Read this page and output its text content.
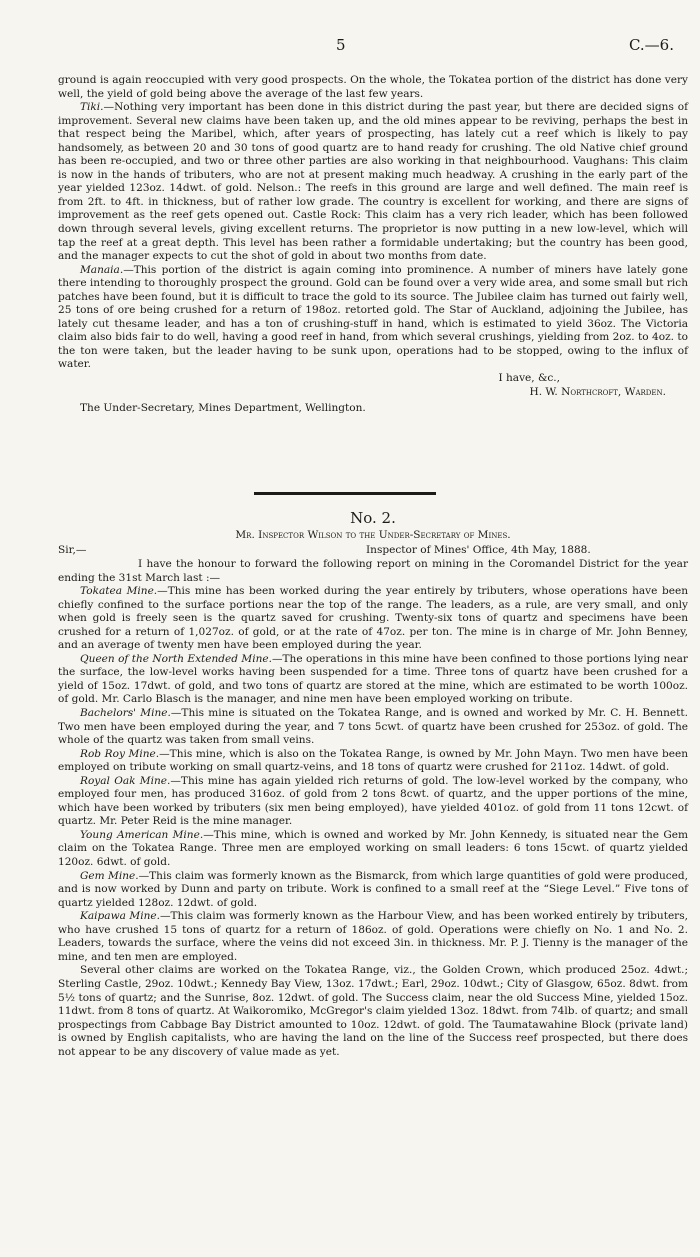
5	C.—6.

ground is again reoccupied with very good prospects. On the whole, the Tokatea portion of the district has done very well, the yield of gold being above the average of the last few years.

Tiki.—Nothing very important has been done in this district during the past year, but there are decided signs of improvement. Several new claims have been taken up, and the old mines appear to be reviving, perhaps the best in that respect being the Maribel, which, after years of prospecting, has lately cut a reef which is likely to pay handsomely, as between 20 and 30 tons of good quartz are to hand ready for crushing. The old Native chief ground has been re-occupied, and two or three other parties are also working in that neighbourhood. Vaughans: This claim is now in the hands of tributers, who are not at present making much headway. A crushing in the early part of the year yielded 123oz. 14dwt. of gold. Nelson.: The reefs in this ground are large and well defined. The main reef is from 2ft. to 4ft. in thickness, but of rather low grade. The country is excellent for working, and there are signs of improvement as the reef gets opened out. Castle Rock: This claim has a very rich leader, which has been followed down through several levels, giving excellent returns. The proprietor is now putting in a new low-level, which will tap the reef at a great depth. This level has been rather a formidable undertaking; but the country has been good, and the manager expects to cut the shot of gold in about two months from date.

Manaia.—This portion of the district is again coming into prominence. A number of miners have lately gone there intending to thoroughly prospect the ground. Gold can be found over a very wide area, and some small but rich patches have been found, but it is difficult to trace the gold to its source. The Jubilee claim has turned out fairly well, 25 tons of ore being crushed for a return of 198oz. retorted gold. The Star of Auckland, adjoining the Jubilee, has lately cut thesame leader, and has a ton of crushing-stuff in hand, which is estimated to yield 36oz. The Victoria claim also bids fair to do well, having a good reef in hand, from which several crushings, yielding from 2oz. to 4oz. to the ton were taken, but the leader having to be sunk upon, operations had to be stopped, owing to the influx of water.

I have, &c.,

H. W. Northcroft, Warden.

The Under-Secretary, Mines Department, Wellington.

No. 2.

Mr. Inspector Wilson to the Under-Secretary of Mines.

Sir,—	Inspector of Mines' Office, 4th May, 1888.

I have the honour to forward the following report on mining in the Coromandel District for the year ending the 31st March last :—

Tokatea Mine.—This mine has been worked during the year entirely by tributers, whose operations have been chiefly confined to the surface portions near the top of the range. The leaders, as a rule, are very small, and only when gold is freely seen is the quartz saved for crushing. Twenty-six tons of quartz and specimens have been crushed for a return of 1,027oz. of gold, or at the rate of 47oz. per ton. The mine is in charge of Mr. John Benney, and an average of twenty men have been employed during the year.

Queen of the North Extended Mine.—The operations in this mine have been confined to those portions lying near the surface, the low-level works having been suspended for a time. Three tons of quartz have been crushed for a yield of 15oz. 17dwt. of gold, and two tons of quartz are stored at the mine, which are estimated to be worth 100oz. of gold. Mr. Carlo Blasch is the manager, and nine men have been employed working on tribute.

Bachelors' Mine.—This mine is situated on the Tokatea Range, and is owned and worked by Mr. C. H. Bennett. Two men have been employed during the year, and 7 tons 5cwt. of quartz have been crushed for 253oz. of gold. The whole of the quartz was taken from small veins.

Rob Roy Mine.—This mine, which is also on the Tokatea Range, is owned by Mr. John Mayn. Two men have been employed on tribute working on small quartz-veins, and 18 tons of quartz were crushed for 211oz. 14dwt. of gold.

Royal Oak Mine.—This mine has again yielded rich returns of gold. The low-level worked by the company, who employed four men, has produced 316oz. of gold from 2 tons 8cwt. of quartz, and the upper portions of the mine, which have been worked by tributers (six men being employed), have yielded 401oz. of gold from 11 tons 12cwt. of quartz. Mr. Peter Reid is the mine manager.

Young American Mine.—This mine, which is owned and worked by Mr. John Kennedy, is situated near the Gem claim on the Tokatea Range. Three men are employed working on small leaders: 6 tons 15cwt. of quartz yielded 120oz. 6dwt. of gold.

Gem Mine.—This claim was formerly known as the Bismarck, from which large quantities of gold were produced, and is now worked by Dunn and party on tribute. Work is confined to a small reef at the “Siege Level.” Five tons of quartz yielded 128oz. 12dwt. of gold.

Kaipawa Mine.—This claim was formerly known as the Harbour View, and has been worked entirely by tributers, who have crushed 15 tons of quartz for a return of 186oz. of gold. Operations were chiefly on No. 1 and No. 2. Leaders, towards the surface, where the veins did not exceed 3in. in thickness. Mr. P. J. Tienny is the manager of the mine, and ten men are employed.

Several other claims are worked on the Tokatea Range, viz., the Golden Crown, which produced 25oz. 4dwt.; Sterling Castle, 29oz. 10dwt.; Kennedy Bay View, 13oz. 17dwt.; Earl, 29oz. 10dwt.; City of Glasgow, 65oz. 8dwt. from 5½ tons of quartz; and the Sunrise, 8oz. 12dwt. of gold. The Success claim, near the old Success Mine, yielded 15oz. 11dwt. from 8 tons of quartz. At Waikoromiko, McGregor's claim yielded 13oz. 18dwt. from 74lb. of quartz; and small prospectings from Cabbage Bay District amounted to 10oz. 12dwt. of gold. The Taumatawahine Block (private land) is owned by English capitalists, who are having the land on the line of the Success reef prospected, but there does not appear to be any discovery of value made as yet.
